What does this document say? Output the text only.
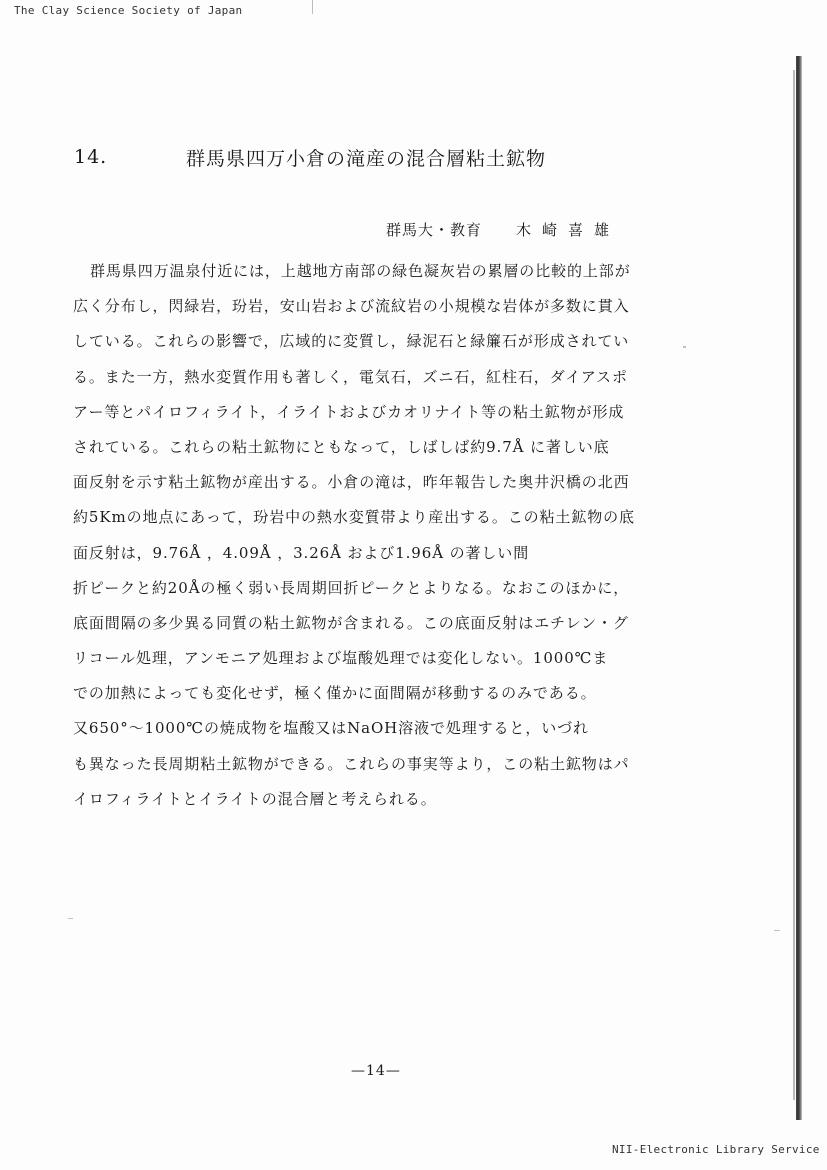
The Clay Science Society of Japan
14.	群馬県四万小倉の滝産の混合層粘土鉱物
群馬大・教育 木崎喜雄
群馬県四万温泉付近には，上越地方南部の緑色凝灰岩の累層の比較的上部が
広く分布し，閃緑岩，玢岩，安山岩および流紋岩の小規模な岩体が多数に貫入
している。これらの影響で，広域的に変質し，緑泥石と緑簾石が形成されてい
る。また一方，熱水変質作用も著しく，電気石，ズニ石，紅柱石，ダイアスポ
アー等とパイロフィライト，イライトおよびカオリナイト等の粘土鉱物が形成
されている。これらの粘土鉱物にともなって，しばしば約9.7Å に著しい底
面反射を示す粘土鉱物が産出する。小倉の滝は，昨年報告した奥井沢橋の北西
約5Kmの地点にあって，玢岩中の熱水変質帯より産出する。この粘土鉱物の底
面反射は，9.76Å ，4.09Å ，3.26Å および1.96Å の著しい間
折ピークと約20Åの極く弱い長周期回折ピークとよりなる。なおこのほかに，
底面間隔の多少異る同質の粘土鉱物が含まれる。この底面反射はエチレン・グ
リコール処理，アンモニア処理および塩酸処理では変化しない。1000℃ま
での加熱によっても変化せず，極く僅かに面間隔が移動するのみである。
又650°～1000℃の焼成物を塩酸又はNaOH溶液で処理すると，いづれ
も異なった長周期粘土鉱物ができる。これらの事実等より，この粘土鉱物はパ
イロフィライトとイライトの混合層と考えられる。
—14—
NII-Electronic Library Service
